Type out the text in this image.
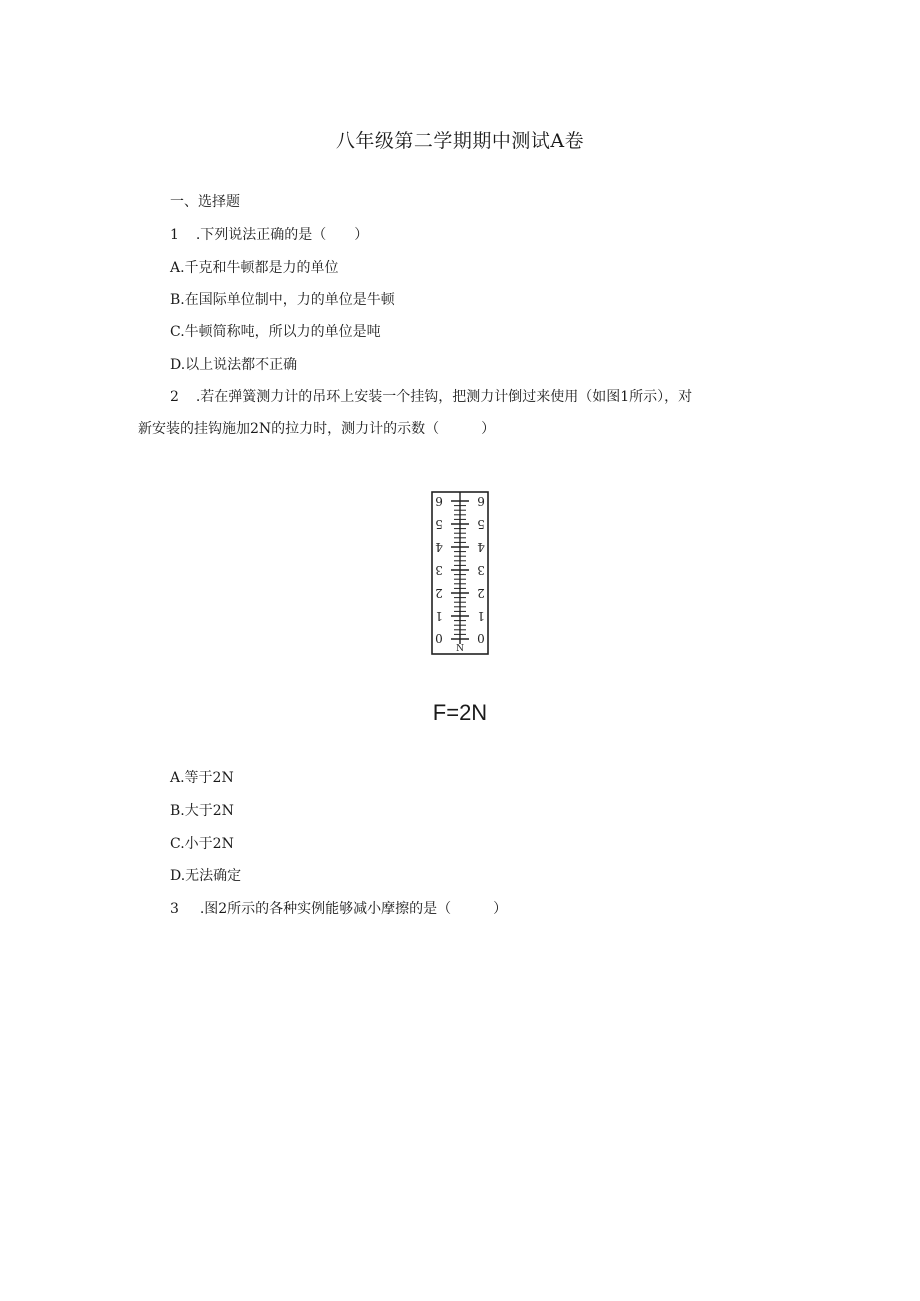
八年级第二学期期中测试A卷
一、选择题
1 .下列说法正确的是（　　）
A.千克和牛顿都是力的单位
B.在国际单位制中，力的单位是牛顿
C.牛顿简称吨，所以力的单位是吨
D.以上说法都不正确
2 .若在弹簧测力计的吊环上安装一个挂钩，把测力计倒过来使用（如图1所示），对
新安装的挂钩施加2N的拉力时，测力计的示数（　　　）
0
1
2
3
4
5
6
0
1
2
3
4
5
6
N
F=2N
A.等于2N
B.大于2N
C.小于2N
D.无法确定
3 .图2所示的各种实例能够减小摩擦的是（　　　）
